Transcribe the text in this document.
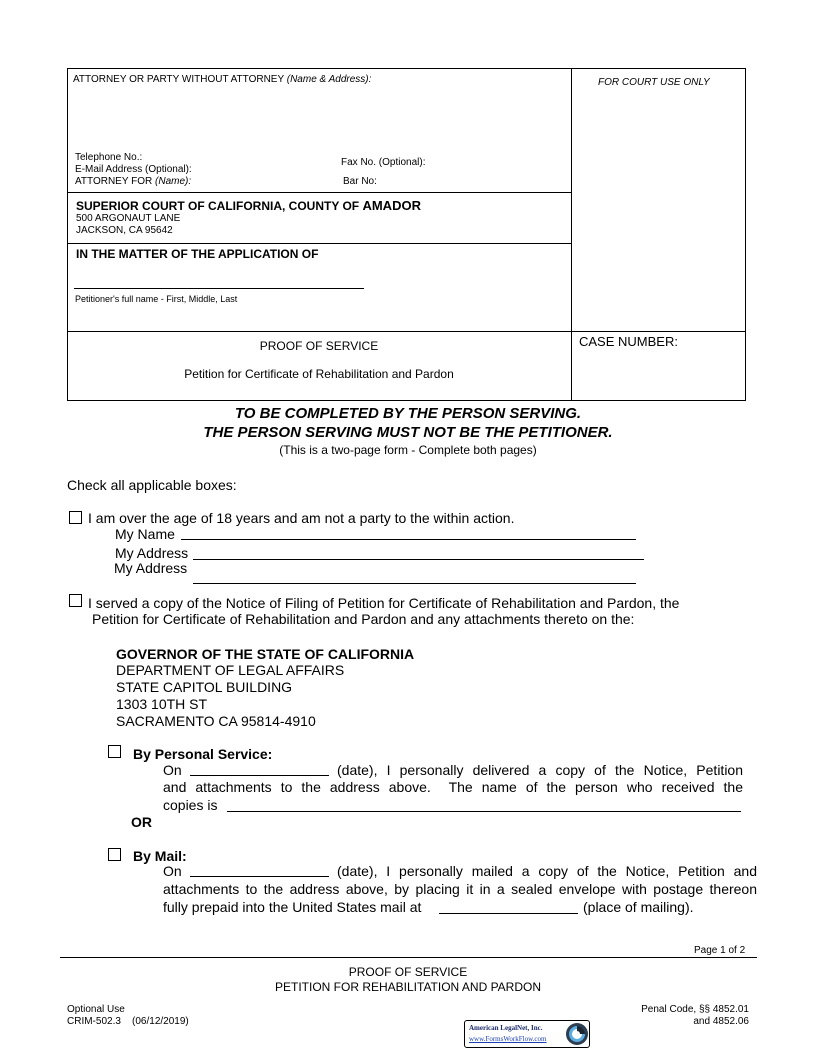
ATTORNEY OR PARTY WITHOUT ATTORNEY (Name & Address):	FOR COURT USE ONLY
Telephone No.:
E-Mail Address (Optional):
ATTORNEY FOR (Name):
Fax No. (Optional):
Bar No:
SUPERIOR COURT OF CALIFORNIA, COUNTY OF AMADOR
500 ARGONAUT LANE
JACKSON, CA 95642
IN THE MATTER OF THE APPLICATION OF
Petitioner's full name - First, Middle, Last
PROOF OF SERVICE
Petition for Certificate of Rehabilitation and Pardon
CASE NUMBER:
TO BE COMPLETED BY THE PERSON SERVING.
THE PERSON SERVING MUST NOT BE THE PETITIONER.
(This is a two-page form - Complete both pages)
Check all applicable boxes:
I am over the age of 18 years and am not a party to the within action.
My Name
My Address
My Address
I served a copy of the Notice of Filing of Petition for Certificate of Rehabilitation and Pardon, the
Petition for Certificate of Rehabilitation and Pardon and any attachments thereto on the:
GOVERNOR OF THE STATE OF CALIFORNIA
DEPARTMENT OF LEGAL AFFAIRS
STATE CAPITOL BUILDING
1303 10TH ST
SACRAMENTO CA 95814-4910
By Personal Service:
On	(date), I personally delivered a copy of the Notice, Petition
and attachments to the address above.  The name of the person who received the
copies is
OR
By Mail:
On	(date), I personally mailed a copy of the Notice, Petition and
attachments to the address above, by placing it in a sealed envelope with postage thereon
fully prepaid into the United States mail at	(place of mailing).
Page 1 of 2
PROOF OF SERVICE
PETITION FOR REHABILITATION AND PARDON
Optional Use
CRIM-502.3    (06/12/2019)
Penal Code, §§ 4852.01
and 4852.06
American LegalNet, Inc.
www.FormsWorkFlow.com
